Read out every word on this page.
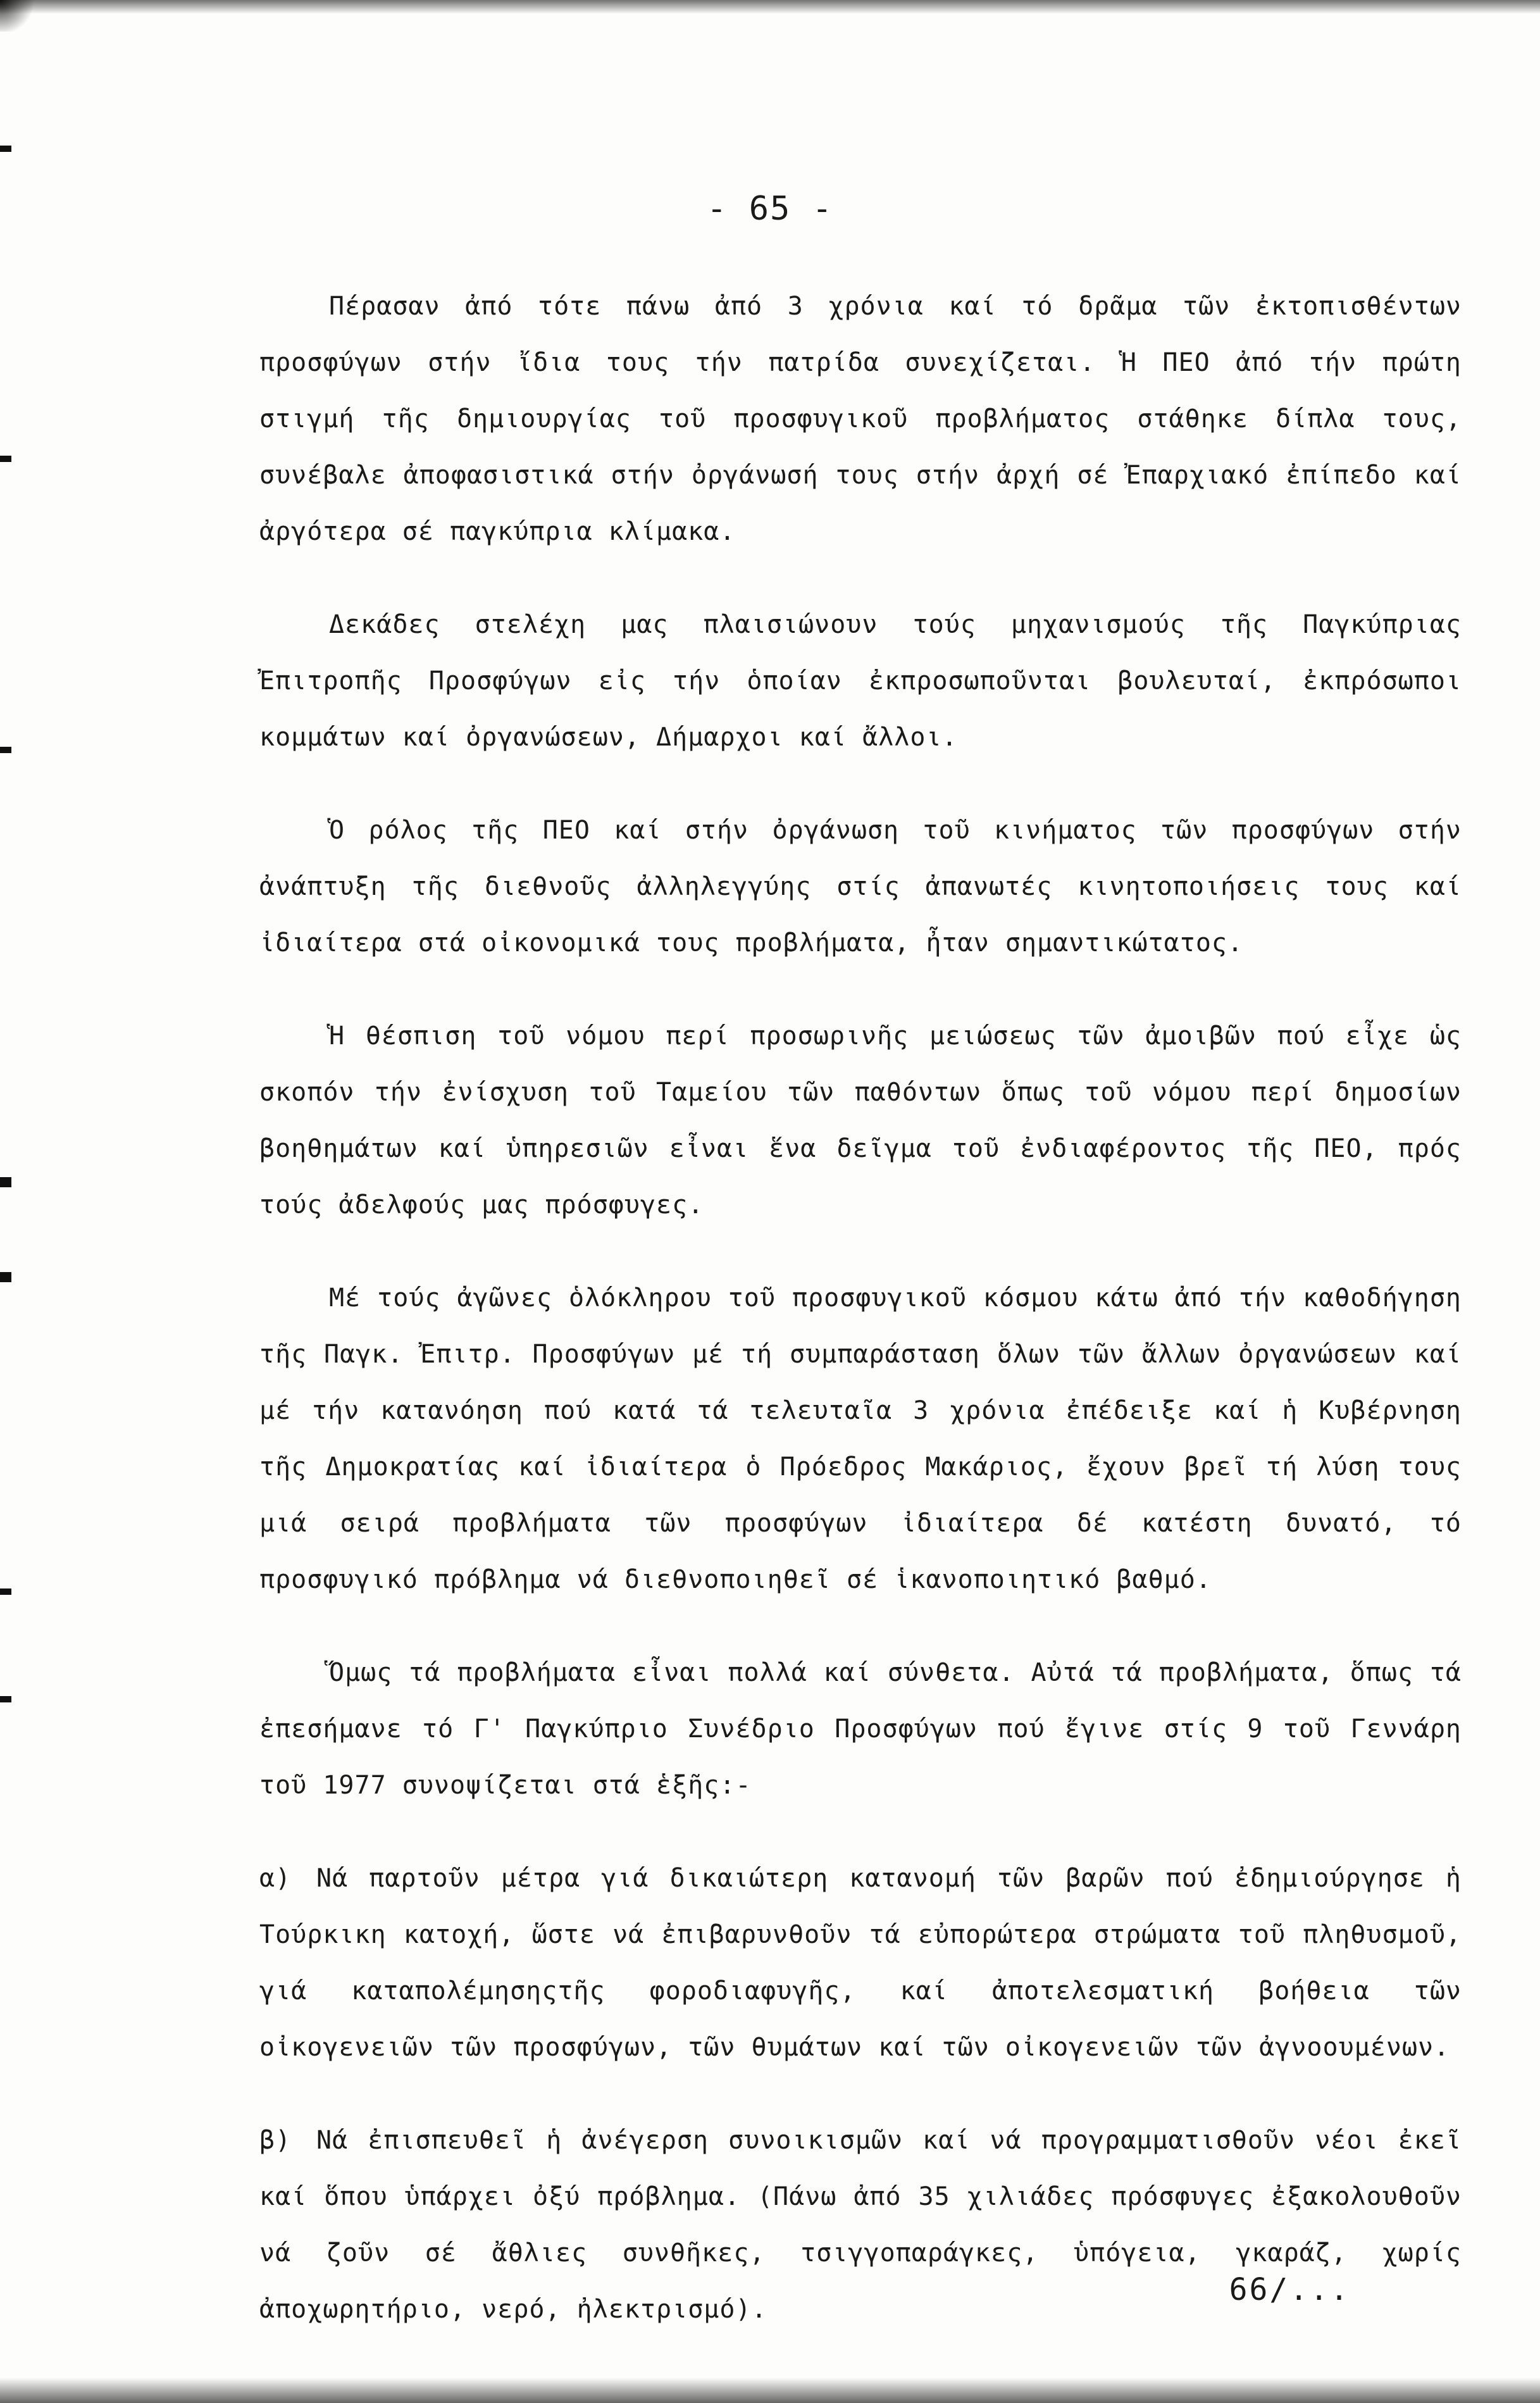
- 65 -

Πέρασαν ἀπό τότε πάνω ἀπό 3 χρόνια καί τό δρᾶμα τῶν ἐκτοπισθέντων προσφύγων στήν ἴδια τους τήν πατρίδα συνεχίζεται. Ἡ ΠΕΟ ἀπό τήν πρώτη στιγμή τῆς δημιουργίας τοῦ προσφυγικοῦ προβλήματος στάθηκε δίπλα τους, συνέβαλε ἀποφασιστικά στήν ὀργάνωσή τους στήν ἀρχή σέ Ἐπαρχιακό ἐπίπεδο καί ἀργότερα σέ παγκύπρια κλίμακα.

Δεκάδες στελέχη μας πλαισιώνουν τούς μηχανισμούς τῆς Παγκύπριας Ἐπιτροπῆς Προσφύγων εἰς τήν ὁποίαν ἐκπροσωποῦνται βουλευταί, ἐκπρόσωποι κομμάτων καί ὀργανώσεων, Δήμαρχοι καί ἄλλοι.

Ὁ ρόλος τῆς ΠΕΟ καί στήν ὀργάνωση τοῦ κινήματος τῶν προσφύγων στήν ἀνάπτυξη τῆς διεθνοῦς ἀλληλεγγύης στίς ἀπανωτές κινητοποιήσεις τους καί ἰδιαίτερα στά οἰκονομικά τους προβλήματα, ἦταν σημαντικώτατος.

Ἡ θέσπιση τοῦ νόμου περί προσωρινῆς μειώσεως τῶν ἀμοιβῶν πού εἶχε ὡς σκοπόν τήν ἐνίσχυση τοῦ Ταμείου τῶν παθόντων ὅπως τοῦ νόμου περί δημοσίων βοηθημάτων καί ὑπηρεσιῶν εἶναι ἕνα δεῖγμα τοῦ ἐνδιαφέροντος τῆς ΠΕΟ, πρός τούς ἀδελφούς μας πρόσφυγες.

Μέ τούς ἀγῶνες ὁλόκληρου τοῦ προσφυγικοῦ κόσμου κάτω ἀπό τήν καθοδήγηση τῆς Παγκ. Ἐπιτρ. Προσφύγων μέ τή συμπαράσταση ὅλων τῶν ἄλλων ὀργανώσεων καί μέ τήν κατανόηση πού κατά τά τελευταῖα 3 χρόνια ἐπέδειξε καί ἡ Κυβέρνηση τῆς Δημοκρατίας καί ἰδιαίτερα ὁ Πρόεδρος Μακάριος, ἔχουν βρεῖ τή λύση τους μιά σειρά προβλήματα τῶν προσφύγων ἰδιαίτερα δέ κατέστη δυνατό, τό προσφυγικό πρόβλημα νά διεθνοποιηθεῖ σέ ἱκανοποιητικό βαθμό.

Ὅμως τά προβλήματα εἶναι πολλά καί σύνθετα. Αὐτά τά προβλήματα, ὅπως τά ἐπεσήμανε τό Γ' Παγκύπριο Συνέδριο Προσφύγων πού ἔγινε στίς 9 τοῦ Γεννάρη τοῦ 1977 συνοψίζεται στά ἑξῆς:-

α) Νά παρτοῦν μέτρα γιά δικαιώτερη κατανομή τῶν βαρῶν πού ἐδημιούργησε ἡ Τούρκικη κατοχή, ὥστε νά ἐπιβαρυνθοῦν τά εὐπορώτερα στρώματα τοῦ πληθυσμοῦ, γιά καταπολέμησηςτῆς φοροδιαφυγῆς, καί ἀποτελεσματική βοήθεια τῶν οἰκογενειῶν τῶν προσφύγων, τῶν θυμάτων καί τῶν οἰκογενειῶν τῶν ἀγνοουμένων.

β) Νά ἐπισπευθεῖ ἡ ἀνέγερση συνοικισμῶν καί νά προγραμματισθοῦν νέοι ἐκεῖ καί ὅπου ὑπάρχει ὀξύ πρόβλημα. (Πάνω ἀπό 35 χιλιάδες πρόσφυγες ἐξακολουθοῦν νά ζοῦν σέ ἄθλιες συνθῆκες, τσιγγοπαράγκες, ὑπόγεια, γκαράζ, χωρίς ἀποχωρητήριο, νερό, ἠλεκτρισμό).

66/...
